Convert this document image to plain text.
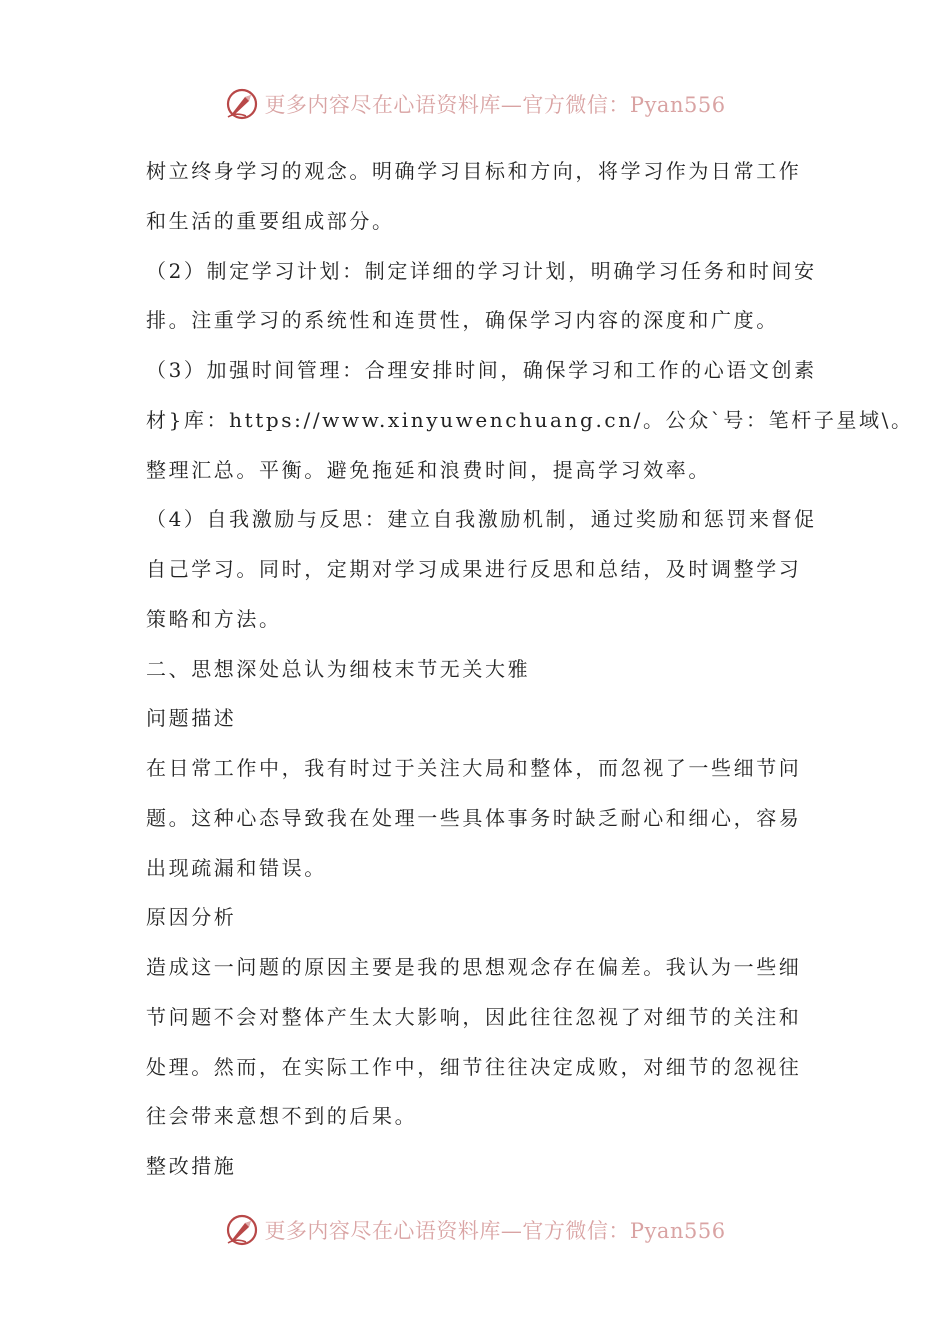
更多内容尽在心语资料库—官方微信：Pyan556
树立终身学习的观念。明确学习目标和方向，将学习作为日常工作
和生活的重要组成部分。
（2）制定学习计划：制定详细的学习计划，明确学习任务和时间安
排。注重学习的系统性和连贯性，确保学习内容的深度和广度。
（3）加强时间管理：合理安排时间，确保学习和工作的心语文创素
材}库：https://www.xinyuwenchuang.cn/。公众`号：笔杆子星域\。
整理汇总。平衡。避免拖延和浪费时间，提高学习效率。
（4）自我激励与反思：建立自我激励机制，通过奖励和惩罚来督促
自己学习。同时，定期对学习成果进行反思和总结，及时调整学习
策略和方法。
二、思想深处总认为细枝末节无关大雅
问题描述
在日常工作中，我有时过于关注大局和整体，而忽视了一些细节问
题。这种心态导致我在处理一些具体事务时缺乏耐心和细心，容易
出现疏漏和错误。
原因分析
造成这一问题的原因主要是我的思想观念存在偏差。我认为一些细
节问题不会对整体产生太大影响，因此往往忽视了对细节的关注和
处理。然而，在实际工作中，细节往往决定成败，对细节的忽视往
往会带来意想不到的后果。
整改措施
更多内容尽在心语资料库—官方微信：Pyan556
